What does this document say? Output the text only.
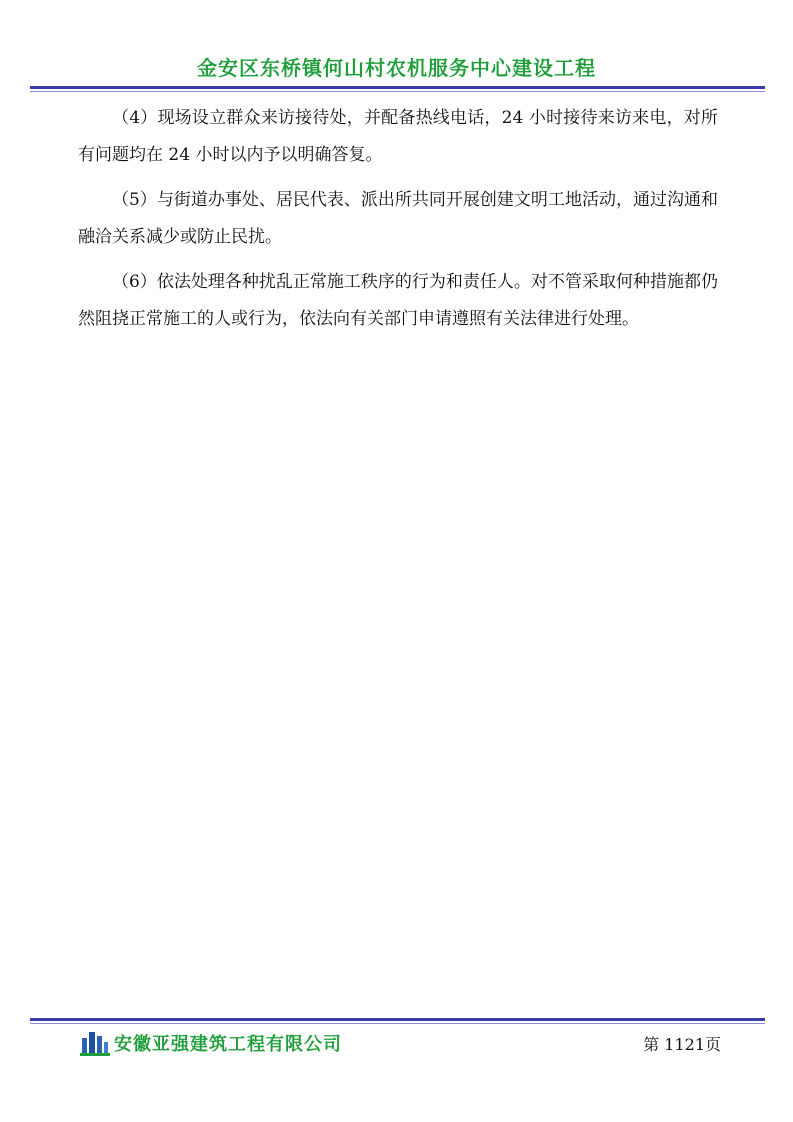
金安区东桥镇何山村农机服务中心建设工程

（4）现场设立群众来访接待处，并配备热线电话，24 小时接待来访来电，对所有问题均在 24 小时以内予以明确答复。

（5）与街道办事处、居民代表、派出所共同开展创建文明工地活动，通过沟通和融洽关系减少或防止民扰。

（6）依法处理各种扰乱正常施工秩序的行为和责任人。对不管采取何种措施都仍然阻挠正常施工的人或行为，依法向有关部门申请遵照有关法律进行处理。

安徽亚强建筑工程有限公司	第 1121页
